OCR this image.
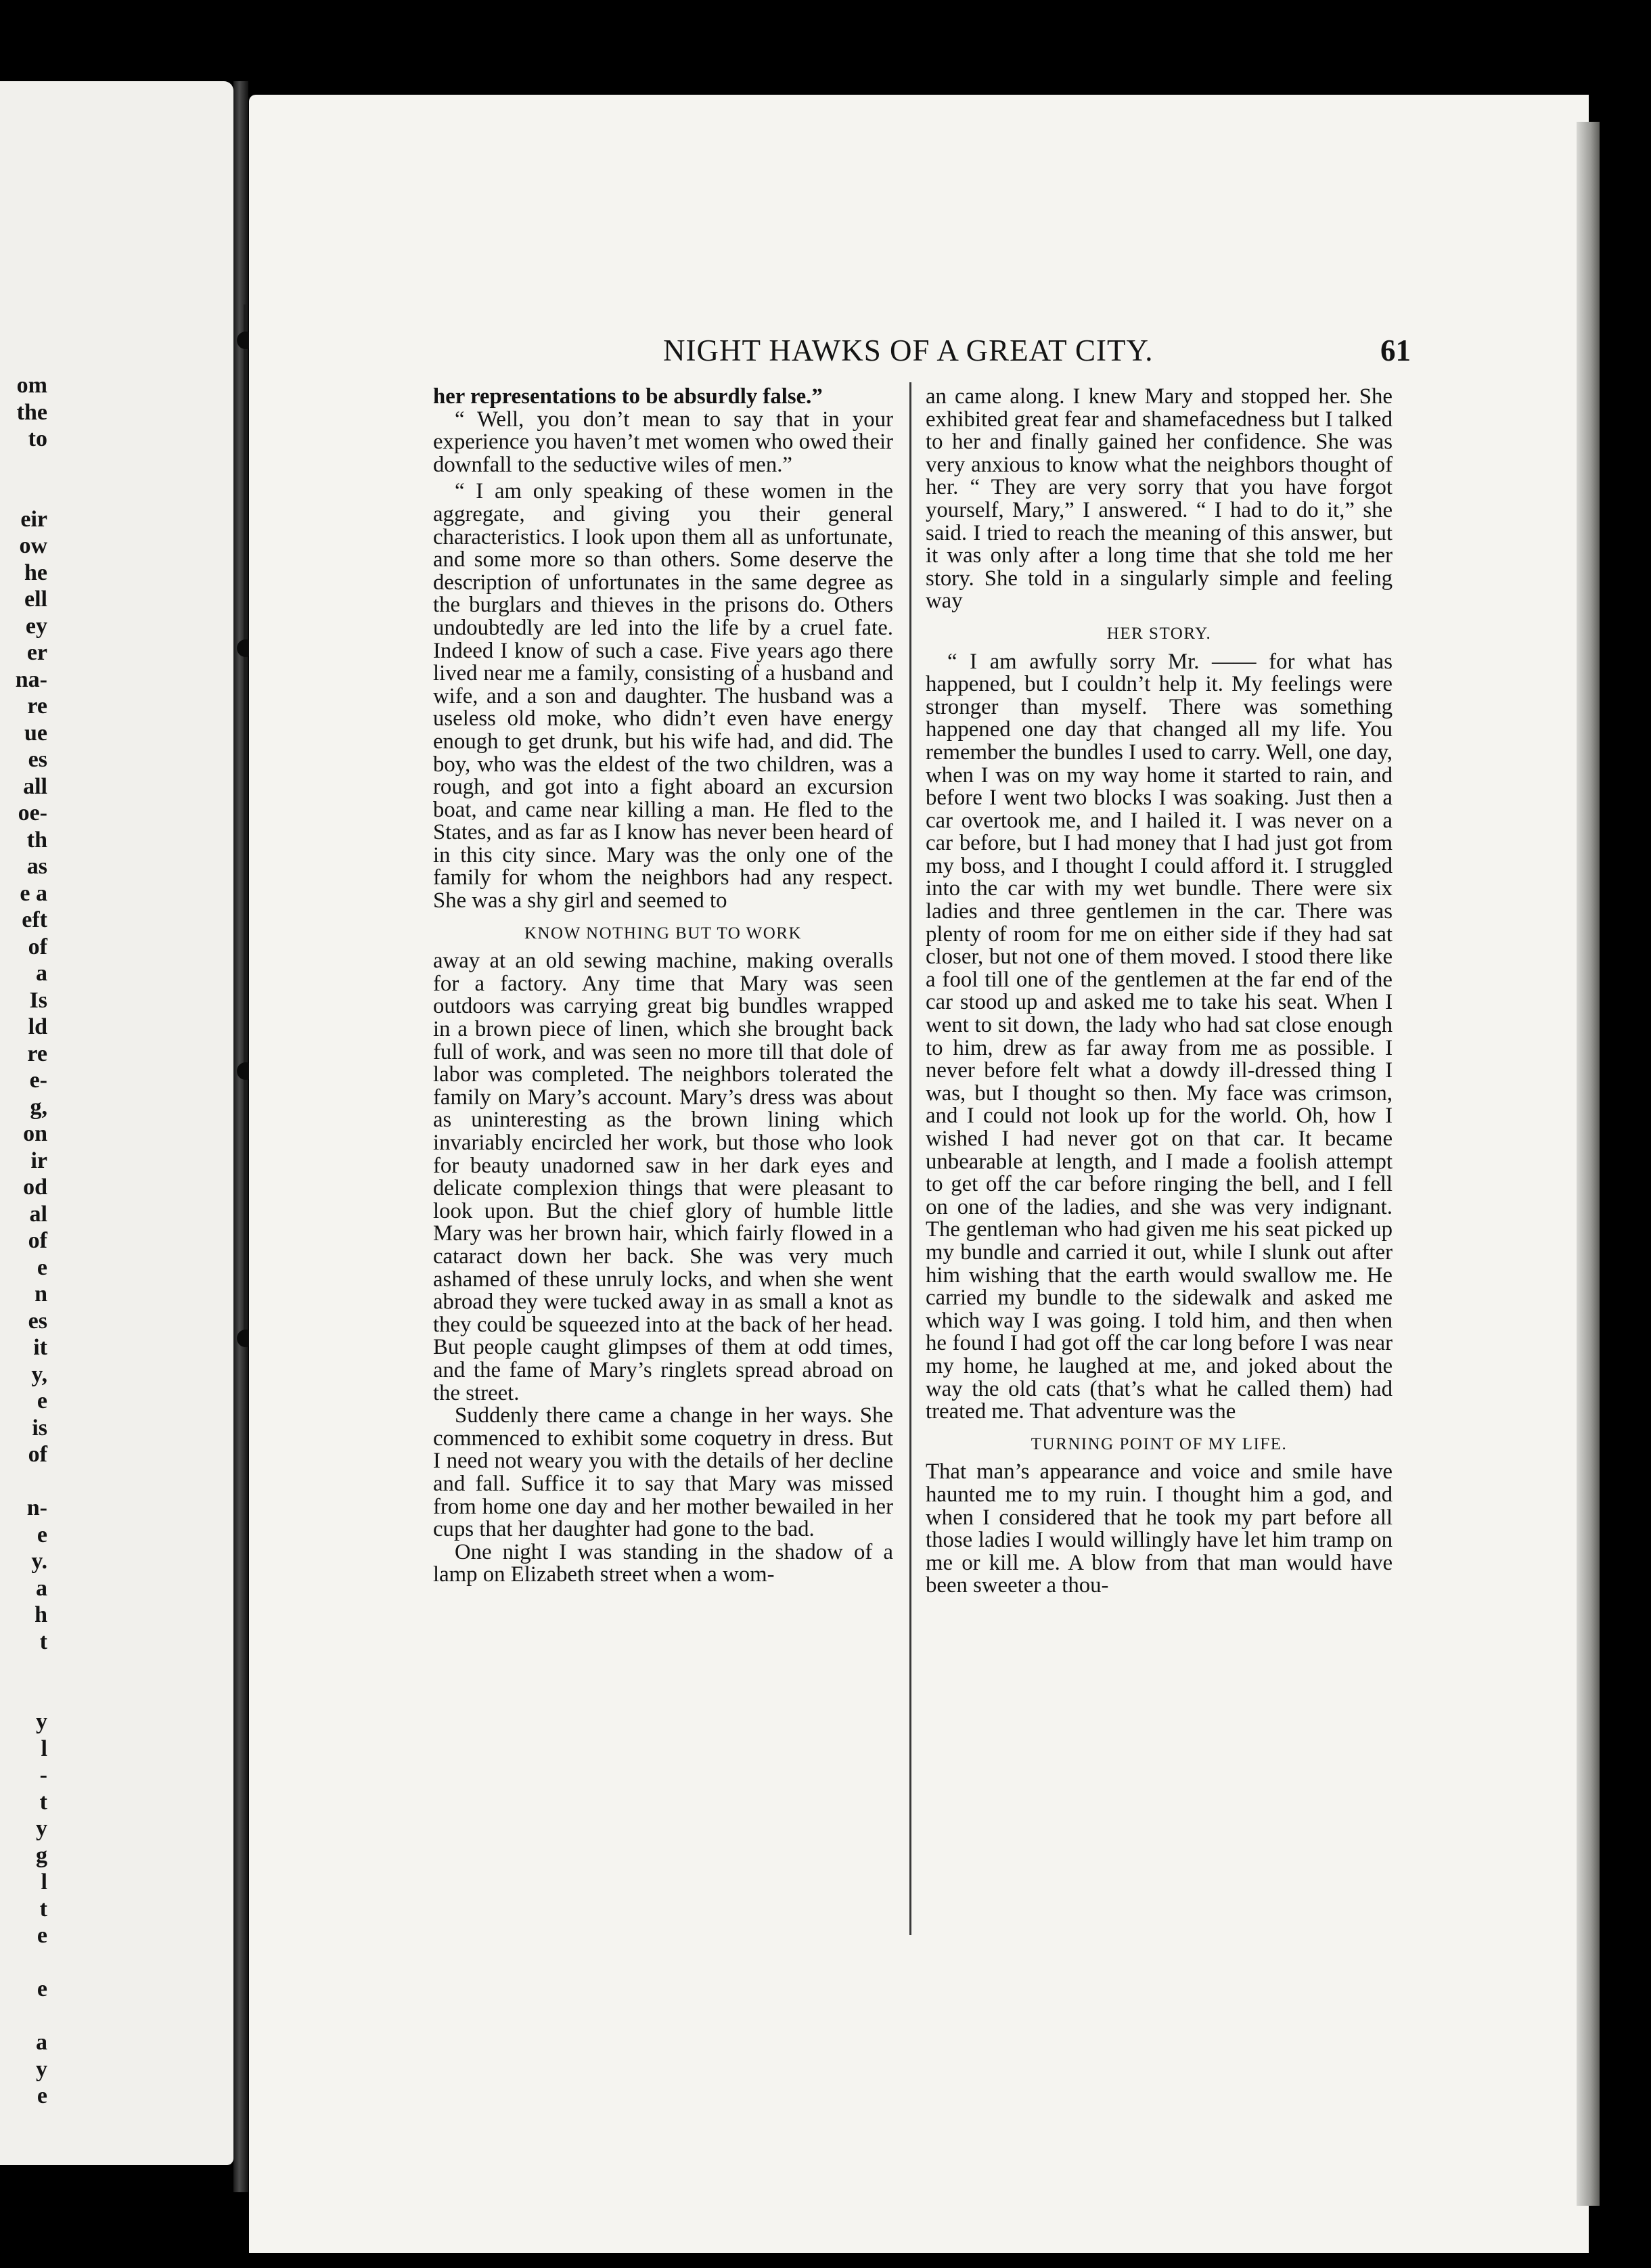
om
the
to
eir
ow
he
ell
ey
er
na-
re
ue
es
all
oe-
th
as
e a
eft
of
a
Is
ld
re
e-
g,
on
ir
od
al
of
e
n
es
it
y,
e
is
of
n-
e
y.
a
h
t
y
l
-
t
y
g
l
t
e
e
a
y
e
NIGHT HAWKS OF A GREAT CITY.	61

her representations to be absurdly false.”

“ Well, you don’t mean to say that in your experience you haven’t met women who owed their downfall to the seductive wiles of men.”

“ I am only speaking of these women in the aggregate, and giving you their general characteristics. I look upon them all as unfortunate, and some more so than others. Some deserve the description of unfortunates in the same degree as the burglars and thieves in the prisons do. Others undoubtedly are led into the life by a cruel fate. Indeed I know of such a case. Five years ago there lived near me a family, consisting of a husband and wife, and a son and daughter. The husband was a useless old moke, who didn’t even have energy enough to get drunk, but his wife had, and did. The boy, who was the eldest of the two children, was a rough, and got into a fight aboard an excursion boat, and came near killing a man. He fled to the States, and as far as I know has never been heard of in this city since. Mary was the only one of the family for whom the neighbors had any respect. She was a shy girl and seemed to

KNOW NOTHING BUT TO WORK

away at an old sewing machine, making overalls for a factory. Any time that Mary was seen outdoors was carrying great big bundles wrapped in a brown piece of linen, which she brought back full of work, and was seen no more till that dole of labor was completed. The neighbors tolerated the family on Mary’s account. Mary’s dress was about as uninteresting as the brown lining which invariably encircled her work, but those who look for beauty unadorned saw in her dark eyes and delicate complexion things that were pleasant to look upon. But the chief glory of humble little Mary was her brown hair, which fairly flowed in a cataract down her back. She was very much ashamed of these unruly locks, and when she went abroad they were tucked away in as small a knot as they could be squeezed into at the back of her head. But people caught glimpses of them at odd times, and the fame of Mary’s ringlets spread abroad on the street.

Suddenly there came a change in her ways. She commenced to exhibit some coquetry in dress. But I need not weary you with the details of her decline and fall. Suffice it to say that Mary was missed from home one day and her mother bewailed in her cups that her daughter had gone to the bad.

One night I was standing in the shadow of a lamp on Elizabeth street when a wom-

an came along. I knew Mary and stopped her. She exhibited great fear and shamefacedness but I talked to her and finally gained her confidence. She was very anxious to know what the neighbors thought of her. “ They are very sorry that you have forgot yourself, Mary,” I answered. “ I had to do it,” she said. I tried to reach the meaning of this answer, but it was only after a long time that she told me her story. She told in a singularly simple and feeling way

HER STORY.

“ I am awfully sorry Mr. —— for what has happened, but I couldn’t help it. My feelings were stronger than myself. There was something happened one day that changed all my life. You remember the bundles I used to carry. Well, one day, when I was on my way home it started to rain, and before I went two blocks I was soaking. Just then a car overtook me, and I hailed it. I was never on a car before, but I had money that I had just got from my boss, and I thought I could afford it. I struggled into the car with my wet bundle. There were six ladies and three gentlemen in the car. There was plenty of room for me on either side if they had sat closer, but not one of them moved. I stood there like a fool till one of the gentlemen at the far end of the car stood up and asked me to take his seat. When I went to sit down, the lady who had sat close enough to him, drew as far away from me as possible. I never before felt what a dowdy ill-dressed thing I was, but I thought so then. My face was crimson, and I could not look up for the world. Oh, how I wished I had never got on that car. It became unbearable at length, and I made a foolish attempt to get off the car before ringing the bell, and I fell on one of the ladies, and she was very indignant. The gentleman who had given me his seat picked up my bundle and carried it out, while I slunk out after him wishing that the earth would swallow me. He carried my bundle to the sidewalk and asked me which way I was going. I told him, and then when he found I had got off the car long before I was near my home, he laughed at me, and joked about the way the old cats (that’s what he called them) had treated me. That adventure was the

TURNING POINT OF MY LIFE.

That man’s appearance and voice and smile have haunted me to my ruin. I thought him a god, and when I considered that he took my part before all those ladies I would willingly have let him tramp on me or kill me. A blow from that man would have been sweeter a thou-
